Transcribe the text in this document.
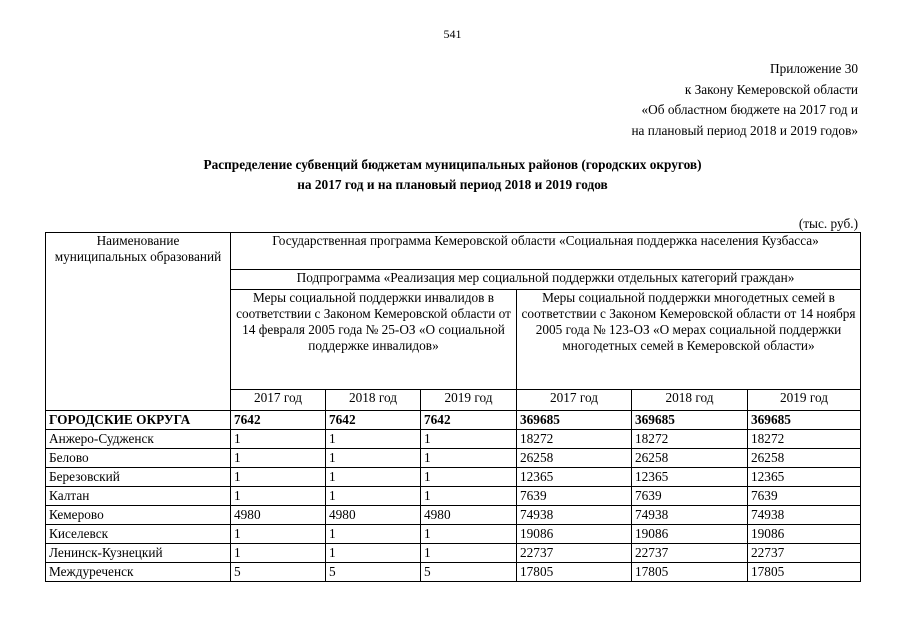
541
Приложение 30
к Закону Кемеровской области
«Об областном бюджете на 2017 год и
на плановый период 2018 и 2019 годов»
Распределение субвенций бюджетам муниципальных районов (городских округов)
на 2017 год и на плановый период 2018 и 2019 годов
(тыс. руб.)
Наименование муниципальных образований	Государственная программа Кемеровской области «Социальная поддержка населения Кузбасса»					
	Подпрограмма «Реализация мер социальной поддержки отдельных категорий граждан»					
	Меры социальной поддержки инвалидов в соответствии с Законом Кемеровской области от 14 февраля 2005 года № 25-ОЗ «О социальной поддержке инвалидов»			Меры социальной поддержки многодетных семей в соответствии с Законом Кемеровской области от 14 ноября 2005 года № 123-ОЗ «О мерах социальной поддержки многодетных семей в Кемеровской области»		
	2017 год	2018 год	2019 год	2017 год	2018 год	2019 год
ГОРОДСКИЕ ОКРУГА	7642	7642	7642	369685	369685	369685
Анжеро-Судженск	1	1	1	18272	18272	18272
Белово	1	1	1	26258	26258	26258
Березовский	1	1	1	12365	12365	12365
Калтан	1	1	1	7639	7639	7639
Кемерово	4980	4980	4980	74938	74938	74938
Киселевск	1	1	1	19086	19086	19086
Ленинск-Кузнецкий	1	1	1	22737	22737	22737
Междуреченск	5	5	5	17805	17805	17805
